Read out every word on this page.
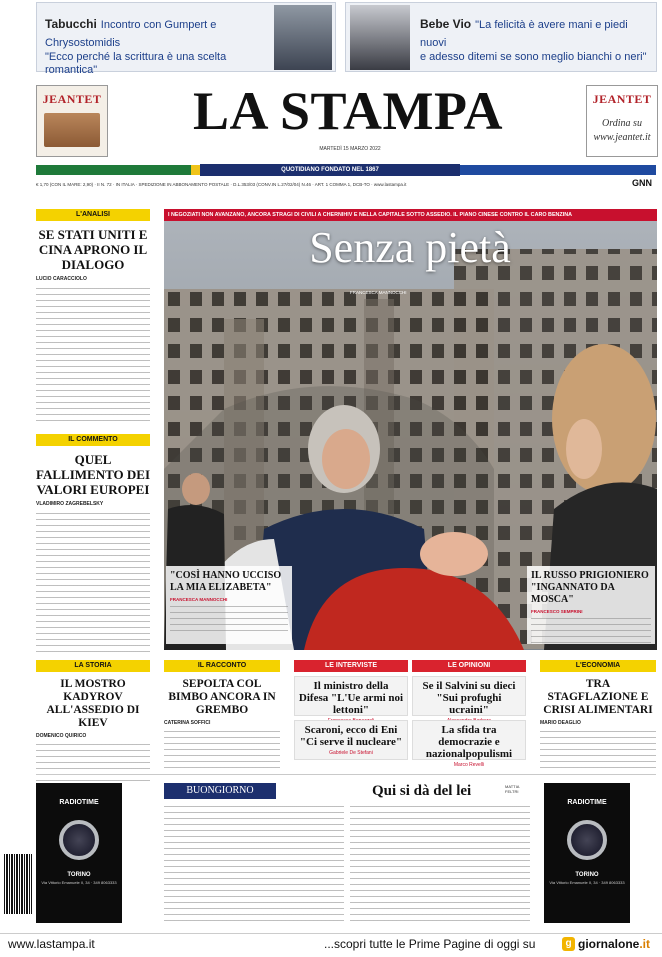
Tabucchi Incontro con Gumpert e Chrysostomidis
"Ecco perché la scrittura è una scelta romantica"
Bebe Vio "La felicità è avere mani e piedi nuovi
e adesso ditemi se sono meglio bianchi o neri"
JEANTET	LA STAMPA	JEANTET
Ordina su
www.jeantet.it
MARTEDÌ 15 MARZO 2022
QUOTIDIANO FONDATO NEL 1867
€ 1,70 (CON IL MARE: 2,90) · II N. 72 · IN ITALIA · SPEDIZIONE IN ABBONAMENTO POSTALE · D.L.353/03 (CONV.IN L.27/02/04) N.46 · ART. 1 COMMA 1, DCB-TO · www.lastampa.it	GNN
L'ANALISI
SE STATI UNITI E CINA APRONO IL DIALOGO
LUCIO CARACCIOLO
IL COMMENTO
QUEL FALLIMENTO DEI VALORI EUROPEI
VLADIMIRO ZAGREBELSKY
I NEGOZIATI NON AVANZANO, ANCORA STRAGI DI CIVILI A CHERNIHIV E NELLA CAPITALE SOTTO ASSEDIO. IL PIANO CINESE CONTRO IL CARO BENZINA
Senza pietà
FRANCESCA MANNOCCHI
"COSÌ HANNO UCCISO LA MIA ELIZABETA"
FRANCESCA MANNOCCHI
IL RUSSO PRIGIONIERO "INGANNATO DA MOSCA"
FRANCESCO SEMPRINI
LA STORIA
IL MOSTRO KADYROV ALL'ASSEDIO DI KIEV
DOMENICO QUIRICO
IL RACCONTO
SEPOLTA COL BIMBO ANCORA IN GREMBO
CATERINA SOFFICI
LE INTERVISTE	LE OPINIONI
Il ministro della Difesa "L'Ue armi noi lettoni"
Se il Salvini su dieci "Sui profughi ucraini"
Scaroni, ecco di Eni "Ci serve il nucleare"
Gabriele De Stefani
La sfida tra democrazie e nazionalpopulismi
Marco Revelli
L'ECONOMIA
TRA STAGFLAZIONE E CRISI ALIMENTARI
MARIO DEAGLIO
RADIOTIME
TORINO
Via Vittorio Emanuele II, 34 · 349 8063333
BUONGIORNO	Qui si dà del lei	MATTIA FELTRI
RADIOTIME
TORINO
Via Vittorio Emanuele II, 34 · 349 8063333
www.lastampa.it	...scopri tutte le Prime Pagine di oggi su	g giornalone.it
